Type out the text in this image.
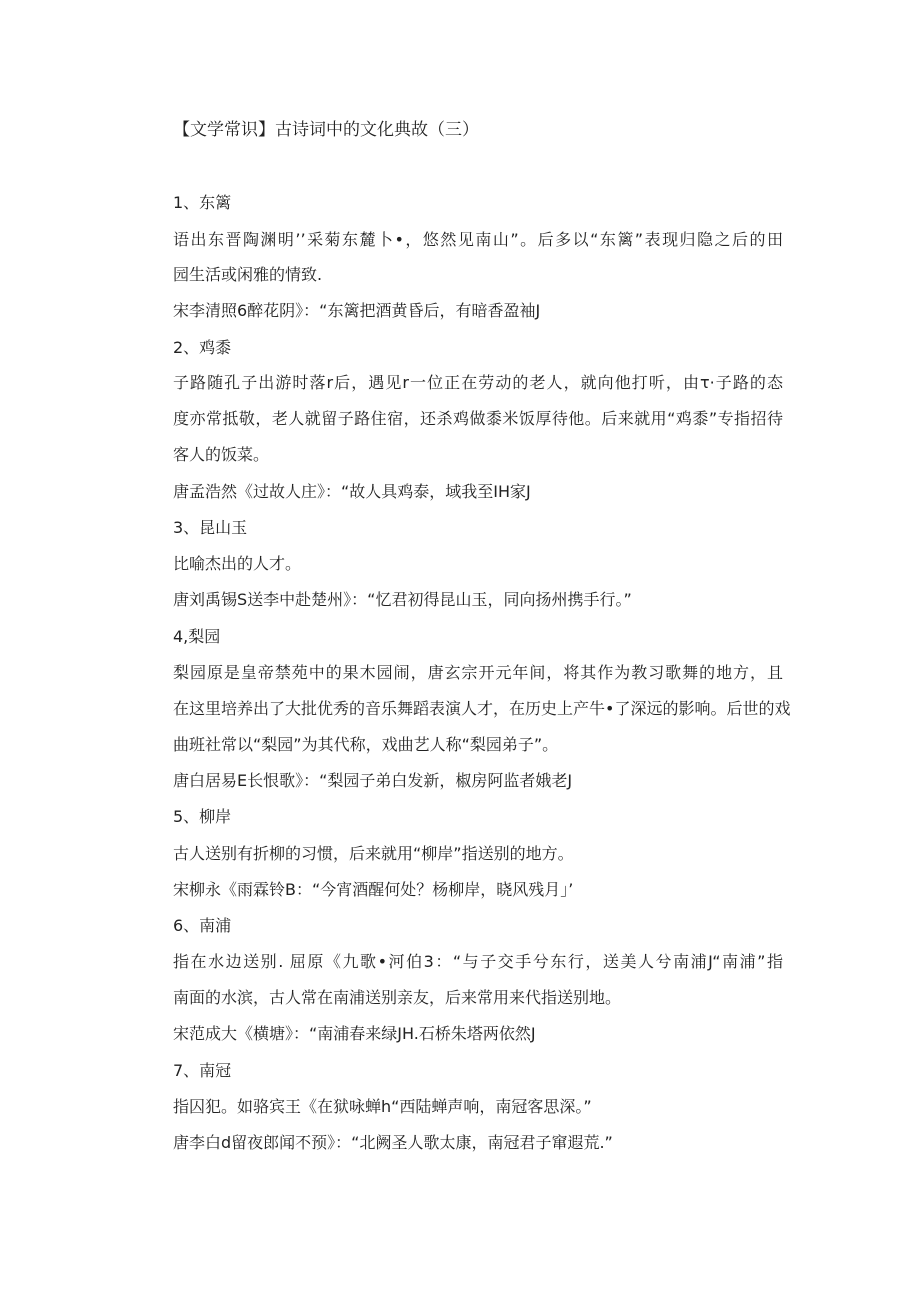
【文学常识】古诗词中的文化典故（三）
1、东篱
语出东晋陶渊明’’采菊东麓卜•，悠然见南山”。后多以“东篱”表现归隐之后的田
园生活或闲雅的情致.
宋李清照6醉花阴》：“东篱把酒黄昏后，有暗香盈袖J
2、鸡黍
子路随孔子出游时落r后，遇见r一位正在劳动的老人，就向他打听，由τ·子路的态
度亦常抵敬，老人就留子路住宿，还杀鸡做黍米饭厚待他。后来就用“鸡黍”专指招待
客人的饭菜。
唐孟浩然《过故人庄》：“故人具鸡泰，域我至IH家J
3、昆山玉
比喻杰出的人才。
唐刘禹锡S送李中赴楚州》：“忆君初得昆山玉，同向扬州携手行。”
4,梨园
梨园原是皇帝禁苑中的果木园闹，唐玄宗开元年间，将其作为教习歌舞的地方，且
在这里培养出了大批优秀的音乐舞蹈表演人才，在历史上产牛•了深远的影响。后世的戏
曲班社常以“梨园”为其代称，戏曲艺人称“梨园弟子”。
唐白居易E长恨歌》：“梨园子弟白发新，椒房阿监者娥老J
5、柳岸
古人送别有折柳的习惯，后来就用“柳岸”指送别的地方。
宋柳永《雨霖铃B：“今宵酒醒何处？杨柳岸，晓风残月」’
6、南浦
指在水边送别. 屈原《九歌•河伯3：“与子交手兮东行，送美人兮南浦J“南浦”指
南面的水滨，古人常在南浦送别亲友，后来常用来代指送别地。
宋范成大《横塘》：“南浦春来绿JH.石桥朱塔两依然J
7、南冠
指囚犯。如骆宾王《在狱咏蝉h“西陆蝉声响，南冠客思深。”
唐李白d留夜郎闻不预》：“北阙圣人歌太康，南冠君子窜遐荒.”
